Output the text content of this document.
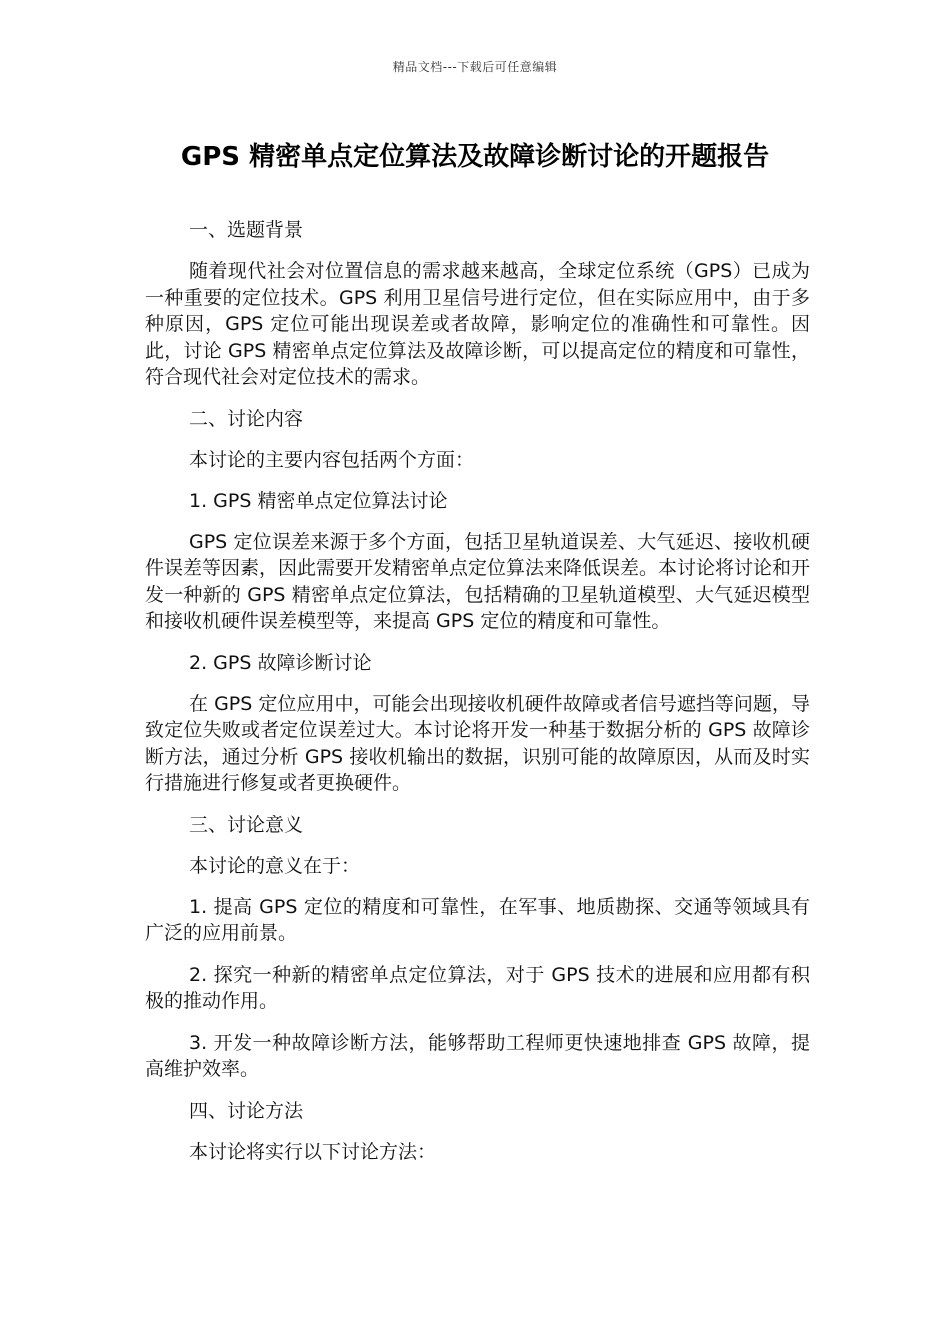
精品文档---下载后可任意编辑
GPS 精密单点定位算法及故障诊断讨论的开题报告

一、选题背景

随着现代社会对位置信息的需求越来越高，全球定位系统（GPS）已成为一种重要的定位技术。GPS 利用卫星信号进行定位，但在实际应用中，由于多种原因，GPS 定位可能出现误差或者故障，影响定位的准确性和可靠性。因此，讨论 GPS 精密单点定位算法及故障诊断，可以提高定位的精度和可靠性，符合现代社会对定位技术的需求。

二、讨论内容

本讨论的主要内容包括两个方面：

1. GPS 精密单点定位算法讨论

GPS 定位误差来源于多个方面，包括卫星轨道误差、大气延迟、接收机硬件误差等因素，因此需要开发精密单点定位算法来降低误差。本讨论将讨论和开发一种新的 GPS 精密单点定位算法，包括精确的卫星轨道模型、大气延迟模型和接收机硬件误差模型等，来提高 GPS 定位的精度和可靠性。

2. GPS 故障诊断讨论

在 GPS 定位应用中，可能会出现接收机硬件故障或者信号遮挡等问题，导致定位失败或者定位误差过大。本讨论将开发一种基于数据分析的 GPS 故障诊断方法，通过分析 GPS 接收机输出的数据，识别可能的故障原因，从而及时实行措施进行修复或者更换硬件。

三、讨论意义

本讨论的意义在于：

1. 提高 GPS 定位的精度和可靠性，在军事、地质勘探、交通等领域具有广泛的应用前景。

2. 探究一种新的精密单点定位算法，对于 GPS 技术的进展和应用都有积极的推动作用。

3. 开发一种故障诊断方法，能够帮助工程师更快速地排查 GPS 故障，提高维护效率。

四、讨论方法

本讨论将实行以下讨论方法：
